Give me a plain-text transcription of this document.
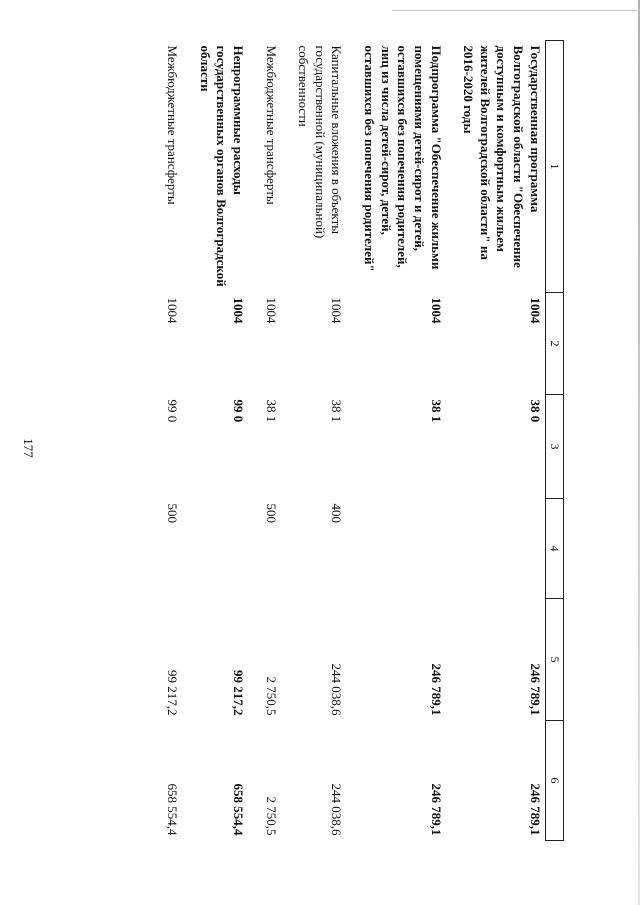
177
1	2	3	4	5	6
Государственная программа Волгоградской области "Обеспечение доступным и комфортным жильем жителей Волгоградской области" на 2016-2020 годы	1004	38 0		246 789,1	246 789,1
Подпрограмма "Обеспечение жильми помещениями детей-сирот и детей, оставшихся без попечения родителей, лиц из числа детей-сирот, детей, оставшихся без попечения родителей"	1004	38 1		246 789,1	246 789,1
Капитальные вложения в объекты государственной (муниципальной) собственности	1004	38 1	400	244 038,6	244 038,6
Межбюджетные трансферты	1004	38 1	500	2 750,5	2 750,5
Непрограммные расходы государственных органов Волгоградской области	1004	99 0		99 217,2	658 554,4
Межбюджетные трансферты	1004	99 0	500	99 217,2	658 554,4
